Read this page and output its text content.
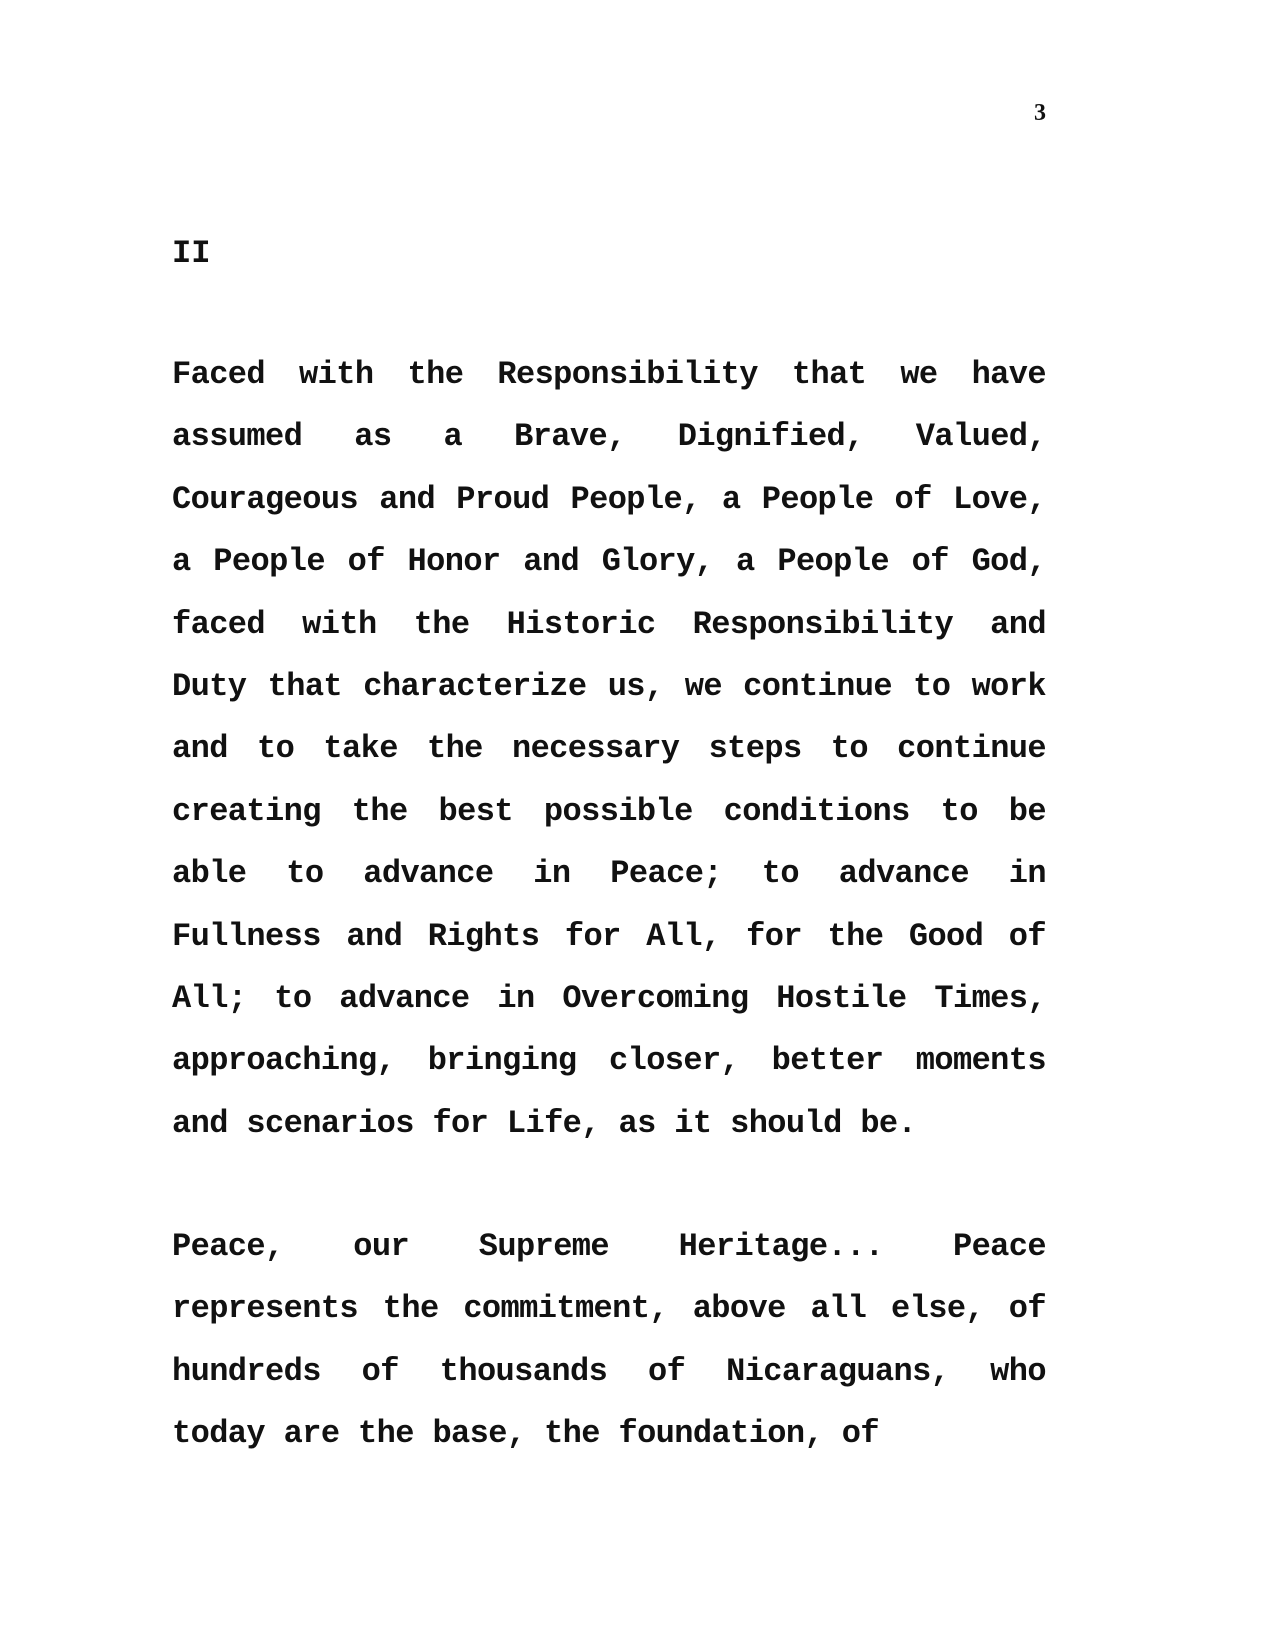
3
II

Faced with the Responsibility that we have assumed as a Brave, Dignified, Valued, Courageous and Proud People, a People of Love, a People of Honor and Glory, a People of God, faced with the Historic Responsibility and Duty that characterize us, we continue to work and to take the necessary steps to continue creating the best possible conditions to be able to advance in Peace; to advance in Fullness and Rights for All, for the Good of All; to advance in Overcoming Hostile Times, approaching, bringing closer, better moments and scenarios for Life, as it should be.

Peace, our Supreme Heritage... Peace represents the commitment, above all else, of hundreds of thousands of Nicaraguans, who today are the base, the foundation, of
